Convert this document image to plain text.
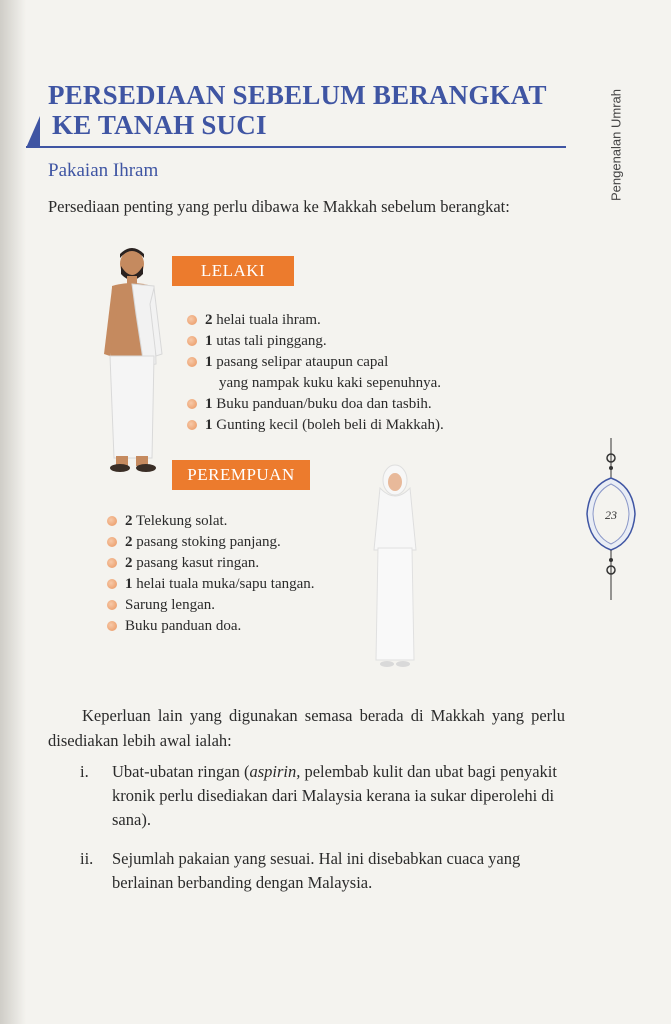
PERSEDIAAN SEBELUM BERANGKAT
KE TANAH SUCI	Pengenalan Umrah
Pakaian Ihram
Persediaan penting yang perlu dibawa ke Makkah sebelum berangkat:
LELAKI
2 helai tuala ihram.
1 utas tali pinggang.
1 pasang selipar ataupun capal
yang nampak kuku kaki sepenuhnya.
1 Buku panduan/buku doa dan tasbih.
1 Gunting kecil (boleh beli di Makkah).
PEREMPUAN
2 Telekung solat.
2 pasang stoking panjang.
2 pasang kasut ringan.
1 helai tuala muka/sapu tangan.
Sarung lengan.
Buku panduan doa.
23
Keperluan lain yang digunakan semasa berada di Makkah yang perlu disediakan lebih awal ialah:
i. Ubat-ubatan ringan (aspirin, pelembab kulit dan ubat bagi penyakit kronik perlu disediakan dari Malaysia kerana ia sukar diperolehi di sana).
ii. Sejumlah pakaian yang sesuai. Hal ini disebabkan cuaca yang berlainan berbanding dengan Malaysia.
